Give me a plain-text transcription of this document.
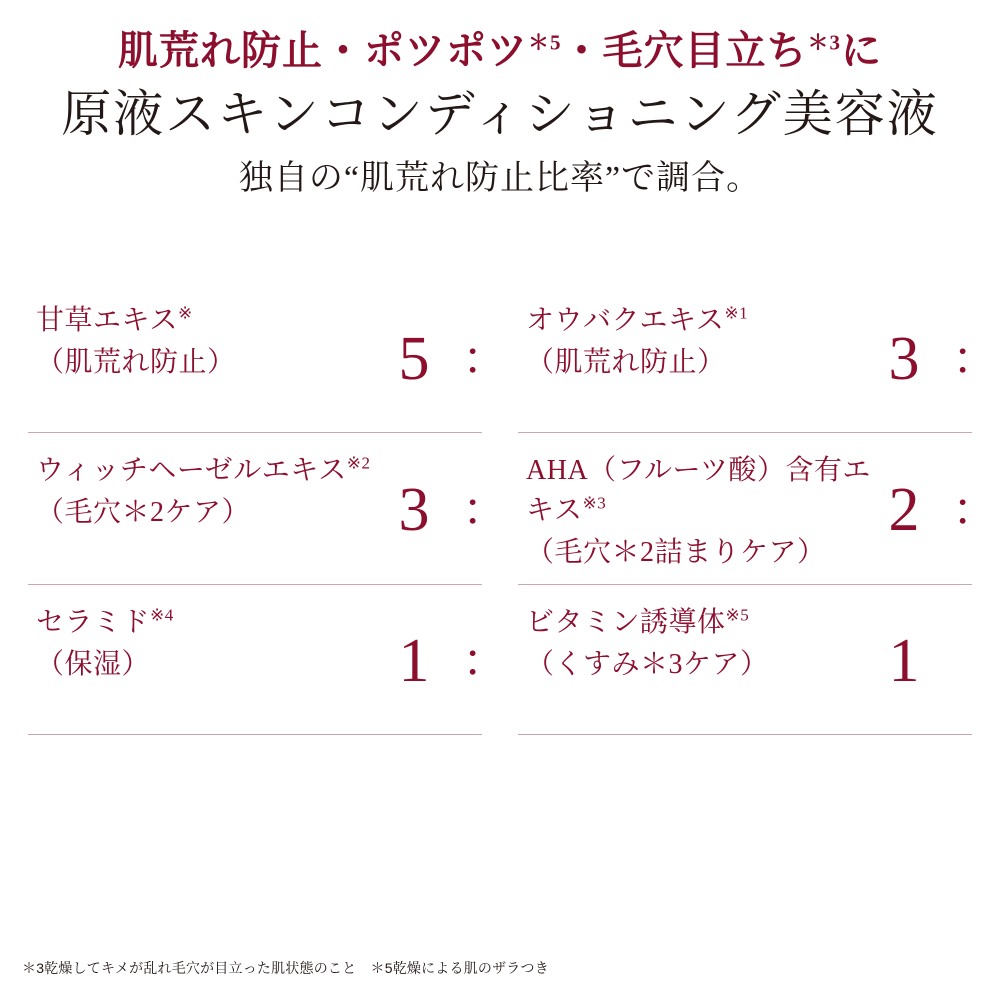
肌荒れ防止・ポツポツ$^{*5}$・毛穴目立ち$^{*3}$に
原液スキンコンディショニング美容液
独自の“肌荒れ防止比率”で調合。
甘草エキス※
（肌荒れ防止）	5 ：
オウバクエキス$^{※1}$
（肌荒れ防止）	3 ：
ウィッチヘーゼルエキス$^{※2}$
（毛穴＊2ケア）	3 ：
AHA（フルーツ酸）含有エキス$^{※3}$
（毛穴＊2詰まりケア）
2 ：
セラミド$^{※4}$
（保湿）	1 ：
ビタミン誘導体$^{※5}$
（くすみ＊3ケア）	1
＊3乾燥してキメが乱れ毛穴が目立った肌状態のこと　＊5乾燥による肌のザラつき
